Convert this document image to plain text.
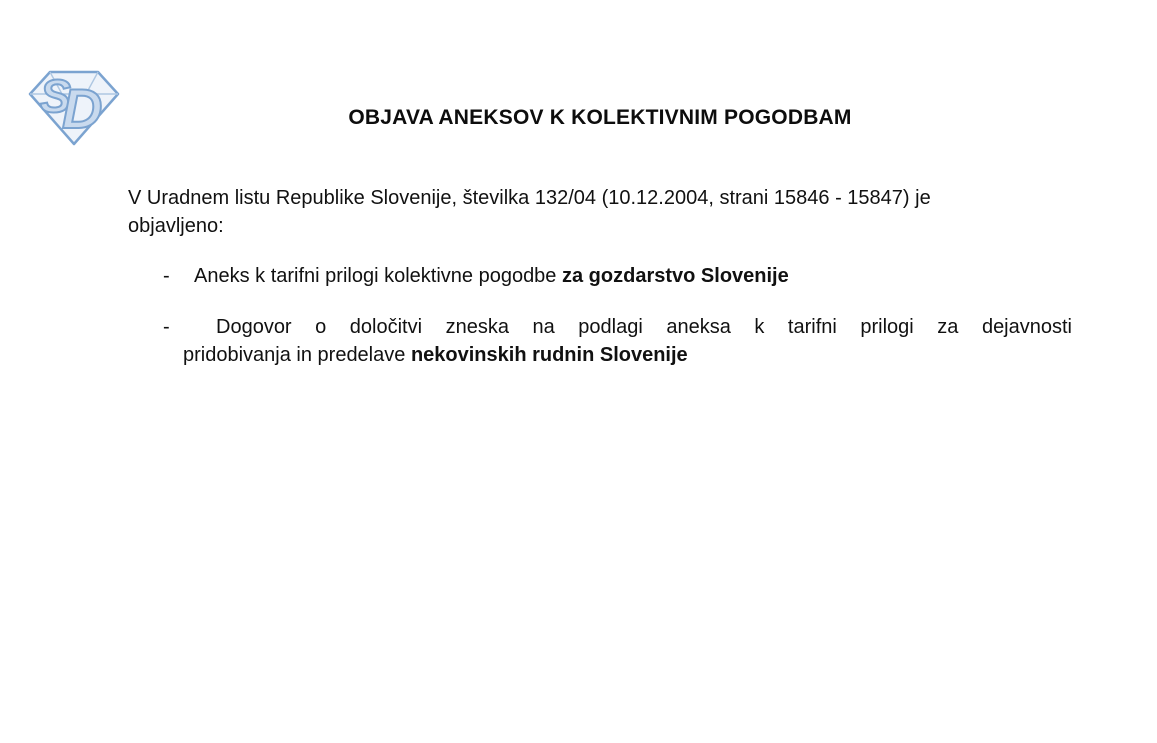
S
D	OBJAVA ANEKSOV K KOLEKTIVNIM POGODBAM
V Uradnem listu Republike Slovenije, številka 132/04 (10.12.2004, strani 15846 - 15847) je
objavljeno:
-	Aneks k tarifni prilogi kolektivne pogodbe za gozdarstvo Slovenije
-	Dogovor o določitvi zneska na podlagi aneksa k tarifni prilogi za dejavnosti
pridobivanja in predelave nekovinskih rudnin Slovenije
